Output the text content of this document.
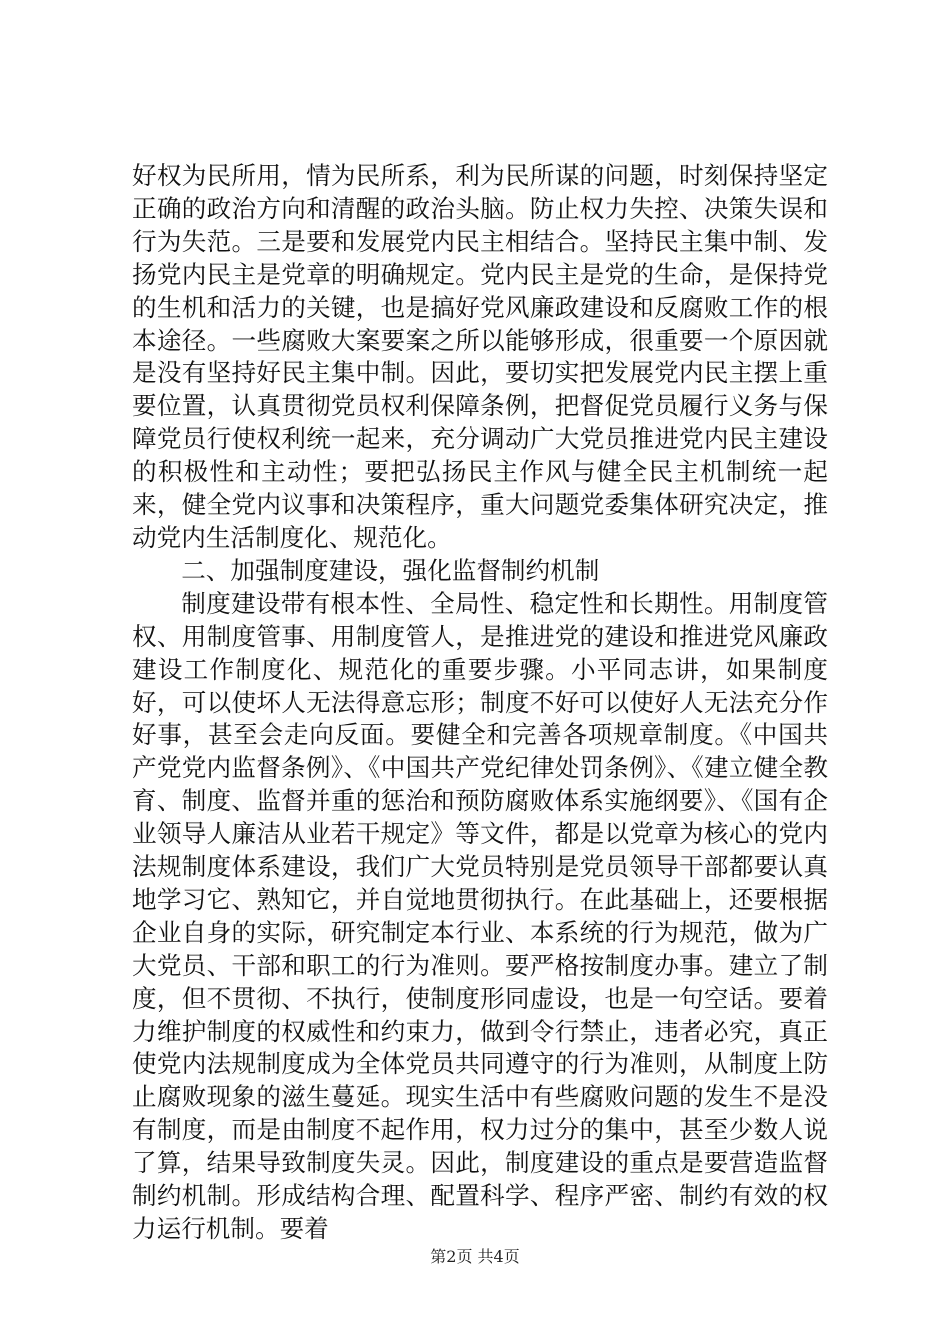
好权为民所用，情为民所系，利为民所谋的问题，时刻保持坚定正确的政治方向和清醒的政治头脑。防止权力失控、决策失误和行为失范。三是要和发展党内民主相结合。坚持民主集中制、发扬党内民主是党章的明确规定。党内民主是党的生命，是保持党的生机和活力的关键，也是搞好党风廉政建设和反腐败工作的根本途径。一些腐败大案要案之所以能够形成，很重要一个原因就是没有坚持好民主集中制。因此，要切实把发展党内民主摆上重要位置，认真贯彻党员权利保障条例，把督促党员履行义务与保障党员行使权利统一起来，充分调动广大党员推进党内民主建设的积极性和主动性；要把弘扬民主作风与健全民主机制统一起来，健全党内议事和决策程序，重大问题党委集体研究决定，推动党内生活制度化、规范化。

二、加强制度建设，强化监督制约机制

制度建设带有根本性、全局性、稳定性和长期性。用制度管权、用制度管事、用制度管人，是推进党的建设和推进党风廉政建设工作制度化、规范化的重要步骤。小平同志讲，如果制度好，可以使坏人无法得意忘形；制度不好可以使好人无法充分作好事，甚至会走向反面。要健全和完善各项规章制度。《中国共产党党内监督条例》、《中国共产党纪律处罚条例》、《建立健全教育、制度、监督并重的惩治和预防腐败体系实施纲要》、《国有企业领导人廉洁从业若干规定》等文件，都是以党章为核心的党内法规制度体系建设，我们广大党员特别是党员领导干部都要认真地学习它、熟知它，并自觉地贯彻执行。在此基础上，还要根据企业自身的实际，研究制定本行业、本系统的行为规范，做为广大党员、干部和职工的行为准则。要严格按制度办事。建立了制度，但不贯彻、不执行，使制度形同虚设，也是一句空话。要着力维护制度的权威性和约束力，做到令行禁止，违者必究，真正使党内法规制度成为全体党员共同遵守的行为准则，从制度上防止腐败现象的滋生蔓延。现实生活中有些腐败问题的发生不是没有制度，而是由制度不起作用，权力过分的集中，甚至少数人说了算，结果导致制度失灵。因此，制度建设的重点是要营造监督制约机制。形成结构合理、配置科学、程序严密、制约有效的权力运行机制。要着

第2页 共4页
